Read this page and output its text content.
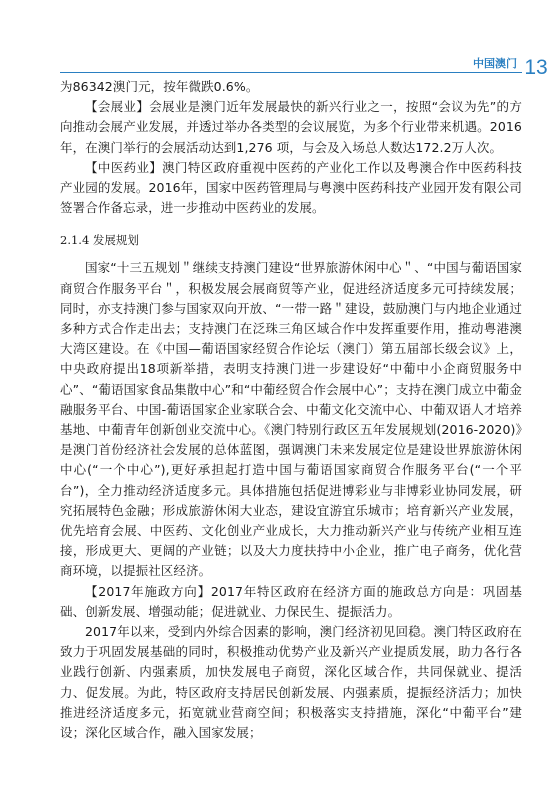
中国澳门 13

为86342澳门元，按年微跌0.6%。

【会展业】会展业是澳门近年发展最快的新兴行业之一，按照“会议为先”的方向推动会展产业发展，并透过举办各类型的会议展览，为多个行业带来机遇。2016年，在澳门举行的会展活动达到1,276 项，与会及入场总人数达172.2万人次。

【中医药业】澳门特区政府重视中医药的产业化工作以及粤澳合作中医药科技产业园的发展。2016年，国家中医药管理局与粤澳中医药科技产业园开发有限公司签署合作备忘录，进一步推动中医药业的发展。

2.1.4 发展规划

国家“十三五规划＂继续支持澳门建设“世界旅游休闲中心＂、“中国与葡语国家商贸合作服务平台＂，积极发展会展商贸等产业，促进经济适度多元可持续发展；同时，亦支持澳门参与国家双向开放、“一带一路＂建设，鼓励澳门与内地企业通过多种方式合作走出去；支持澳门在泛珠三角区域合作中发挥重要作用，推动粤港澳大湾区建设。在《中国—葡语国家经贸合作论坛（澳门）第五届部长级会议》上，中央政府提出18项新举措，表明支持澳门进一步建设好“中葡中小企商贸服务中心”、“葡语国家食品集散中心”和“中葡经贸合作会展中心”；支持在澳门成立中葡金融服务平台、中国-葡语国家企业家联合会、中葡文化交流中心、中葡双语人才培养基地、中葡青年创新创业交流中心。《澳门特别行政区五年发展规划(2016-2020)》是澳门首份经济社会发展的总体蓝图，强调澳门未来发展定位是建设世界旅游休闲中心(“一个中心”),更好承担起打造中国与葡语国家商贸合作服务平台(“一个平台”)，全力推动经济适度多元。具体措施包括促进博彩业与非博彩业协同发展，研究拓展特色金融；形成旅游休闲大业态，建设宜游宜乐城市；培育新兴产业发展，优先培育会展、中医药、文化创业产业成长，大力推动新兴产业与传统产业相互连接，形成更大、更阔的产业链；以及大力度扶持中小企业，推广电子商务，优化营商环境，以提振社区经济。

【2017年施政方向】2017年特区政府在经济方面的施政总方向是：巩固基础、创新发展、增强动能；促进就业、力保民生、提振活力。

2017年以来，受到内外综合因素的影响，澳门经济初见回稳。澳门特区政府在致力于巩固发展基础的同时，积极推动优势产业及新兴产业提质发展，助力各行各业践行创新、内强素质，加快发展电子商贸，深化区域合作，共同保就业、提活力、促发展。为此，特区政府支持居民创新发展、内强素质，提振经济活力；加快推进经济适度多元，拓宽就业营商空间；积极落实支持措施，深化“中葡平台”建设；深化区域合作，融入国家发展；
